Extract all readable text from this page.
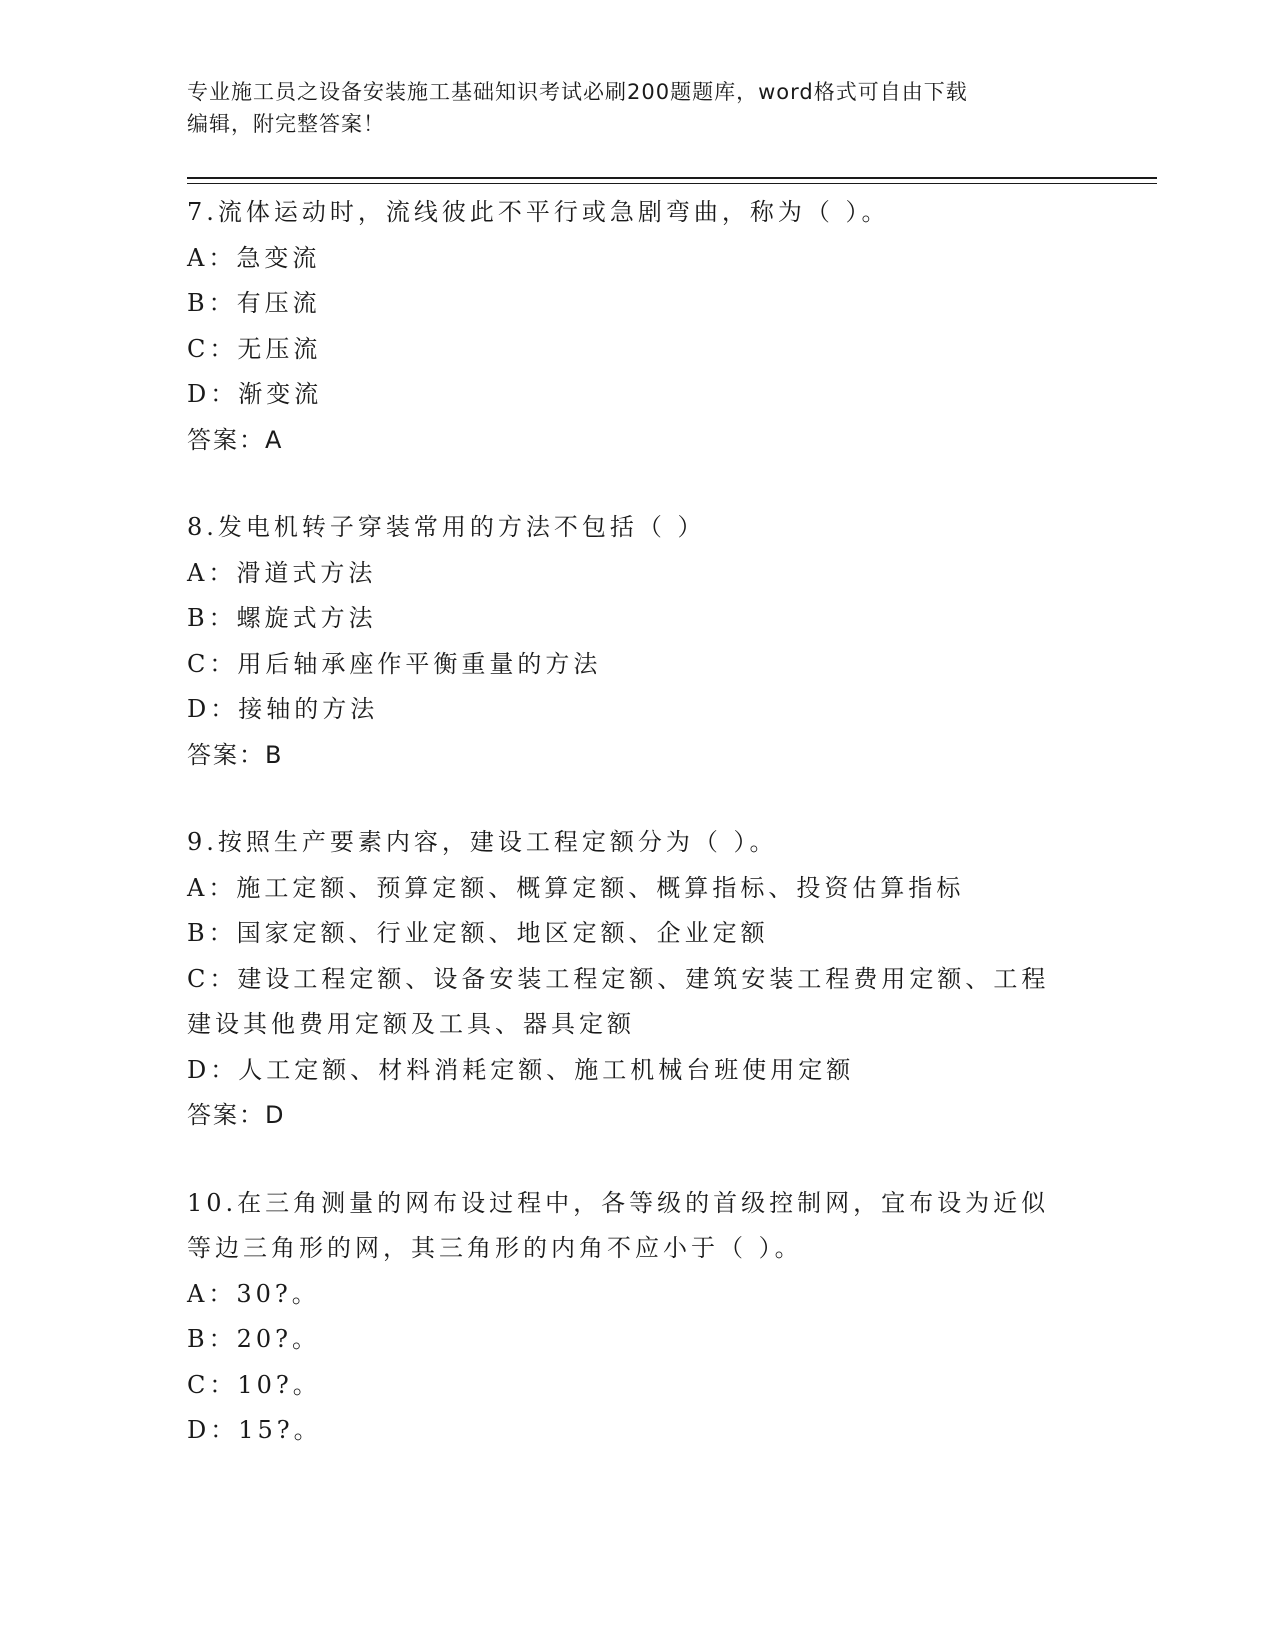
专业施工员之设备安装施工基础知识考试必刷200题题库，word格式可自由下载
编辑，附完整答案！
7.流体运动时，流线彼此不平行或急剧弯曲，称为（ ）。
A：急变流
B：有压流
C：无压流
D：渐变流
答案：A
8.发电机转子穿装常用的方法不包括（ ）
A：滑道式方法
B：螺旋式方法
C：用后轴承座作平衡重量的方法
D：接轴的方法
答案：B
9.按照生产要素内容，建设工程定额分为（ ）。
A：施工定额、预算定额、概算定额、概算指标、投资估算指标
B：国家定额、行业定额、地区定额、企业定额
C：建设工程定额、设备安装工程定额、建筑安装工程费用定额、工程建设其他费用定额及工具、器具定额
D：人工定额、材料消耗定额、施工机械台班使用定额
答案：D
10.在三角测量的网布设过程中，各等级的首级控制网，宜布设为近似等边三角形的网，其三角形的内角不应小于（ ）。
A：30?。
B：20?。
C：10?。
D：15?。
